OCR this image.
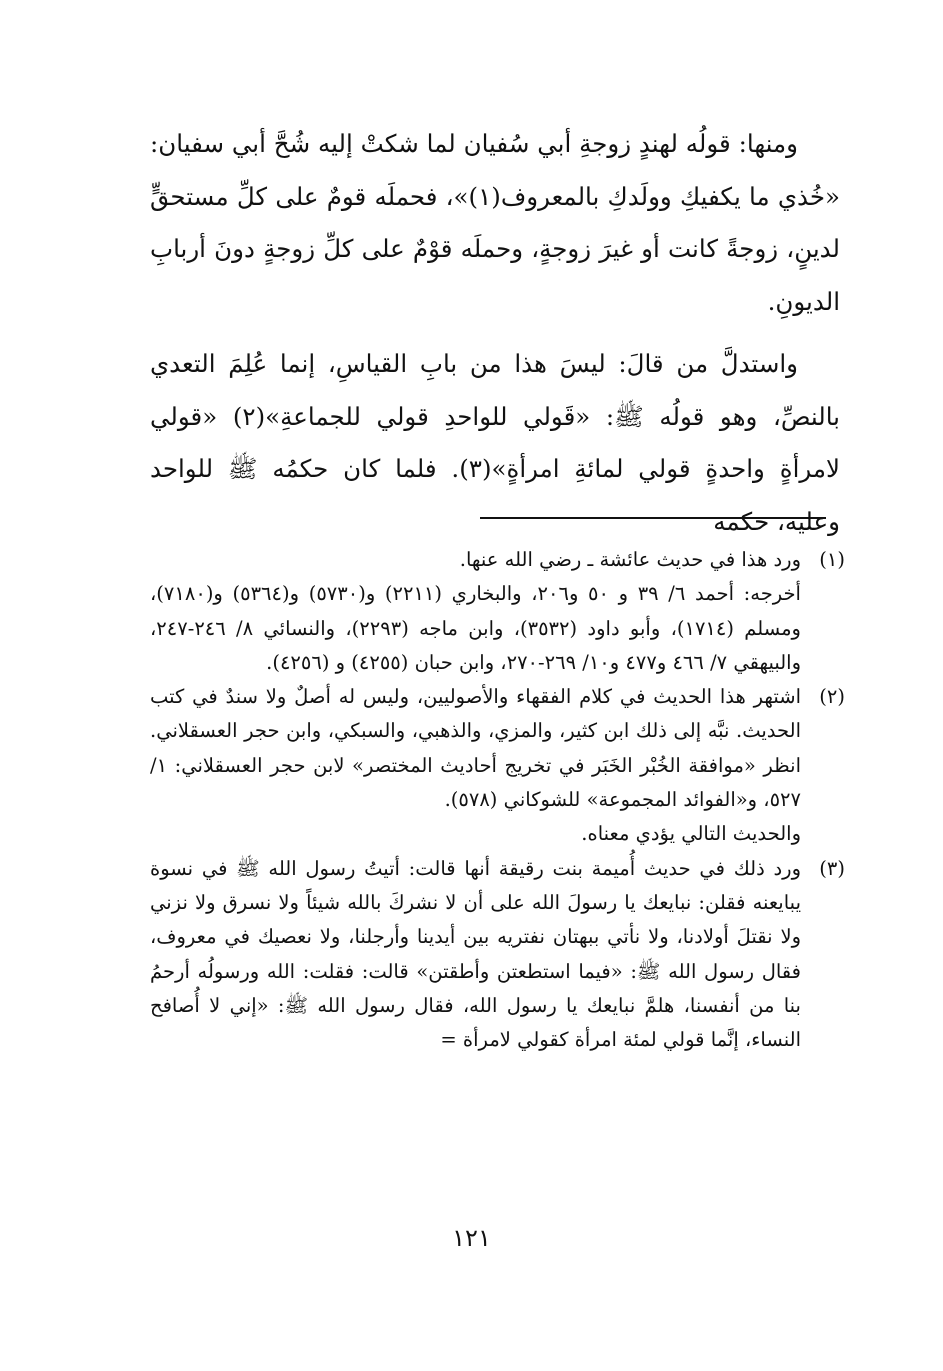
ومنها: قولُه لهندٍ زوجةِ أبي سُفيان لما شكتْ إليه شُحَّ أبي سفيان: «خُذي ما يكفيكِ وولَدكِ بالمعروف(١)»، فحملَه قومٌ على كلِّ مستحقٍّ لدينٍ، زوجةً كانت أو غيرَ زوجةٍ، وحملَه قوْمٌ على كلِّ زوجةٍ دونَ أربابِ الديونِ.

واستدلَّ من قالَ: ليسَ هذا من بابِ القياسِ، إنما عُلِمَ التعدي بالنصِّ، وهو قولُه ﷺ: «قَولي للواحدِ قولي للجماعةِ»(٢) «قولي لامرأةٍ واحدةٍ قولي لمائةِ امرأةٍ»(٣). فلما كان حكمُه ﷺ للواحد وعليه، حكمه

(١)

ورد هذا في حديث عائشة ـ رضي الله عنها.

أخرجه: أحمد ٦/ ٣٩ و ٥٠ و٢٠٦، والبخاري (٢٢١١) و(٥٧٣٠) و(٥٣٦٤) و(٧١٨٠)، ومسلم (١٧١٤)، وأبو داود (٣٥٣٢)، وابن ماجه (٢٢٩٣)، والنسائي ٨/ ٢٤٦-٢٤٧، والبيهقي ٧/ ٤٦٦ و٤٧٧ و١٠/ ٢٦٩-٢٧٠، وابن حبان (٤٢٥٥) و (٤٢٥٦).

(٢)

اشتهر هذا الحديث في كلام الفقهاء والأصوليين، وليس له أصلٌ ولا سندٌ في كتب الحديث. نبَّه إلى ذلك ابن كثير، والمزي، والذهبي، والسبكي، وابن حجر العسقلاني. انظر «موافقة الخُبْر الخَبَر في تخريج أحاديث المختصر» لابن حجر العسقلاني: ١/ ٥٢٧، و«الفوائد المجموعة» للشوكاني (٥٧٨).

والحديث التالي يؤدي معناه.

(٣)

ورد ذلك في حديث أُميمة بنت رقيقة أنها قالت: أتيتُ رسول الله ﷺ في نسوة يبايعنه فقلن: نبايعك يا رسولَ الله على أن لا نشركَ بالله شيئاً ولا نسرق ولا نزني ولا نقتلَ أولادنا، ولا نأتي ببهتان نفتريه بين أيدينا وأرجلنا، ولا نعصيك في معروف، فقال رسول الله ﷺ: «فيما استطعتن وأطقتن» قالت: فقلت: الله ورسولُه أرحمُ بنا من أنفسنا، هلمَّ نبايعك يا رسول الله، فقال رسول الله ﷺ: «إني لا أُصافح النساء، إنَّما قولي لمئة امرأة كقولي لامرأة =

١٢١
